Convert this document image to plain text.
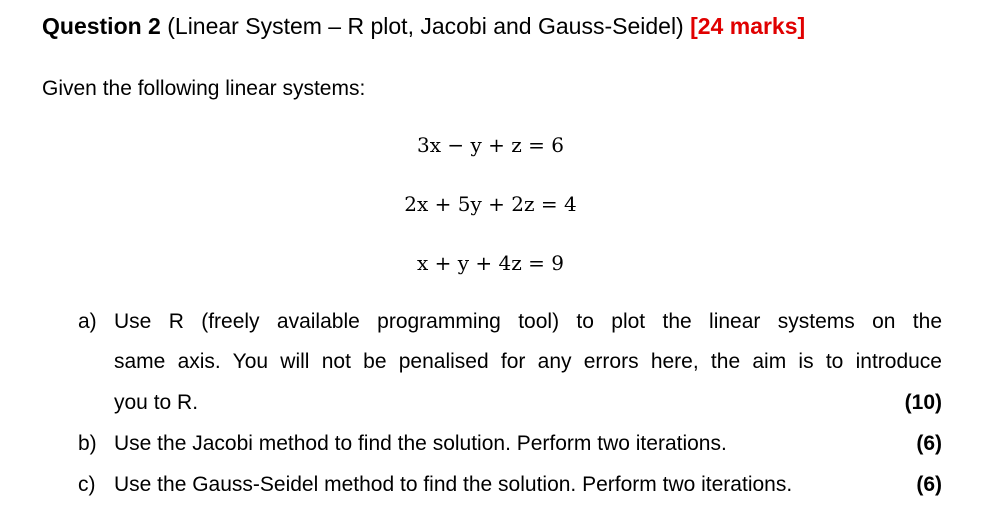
Question 2 (Linear System – R plot, Jacobi and Gauss-Seidel) [24 marks]
Given the following linear systems:
3x − y + z = 6
2x + 5y + 2z = 4
x + y + 4z = 9
a) Use R (freely available programming tool) to plot the linear systems on the
same axis. You will not be penalised for any errors here, the aim is to introduce
you to R.	(10)
b) Use the Jacobi method to find the solution. Perform two iterations.	(6)
c) Use the Gauss-Seidel method to find the solution. Perform two iterations.	(6)
